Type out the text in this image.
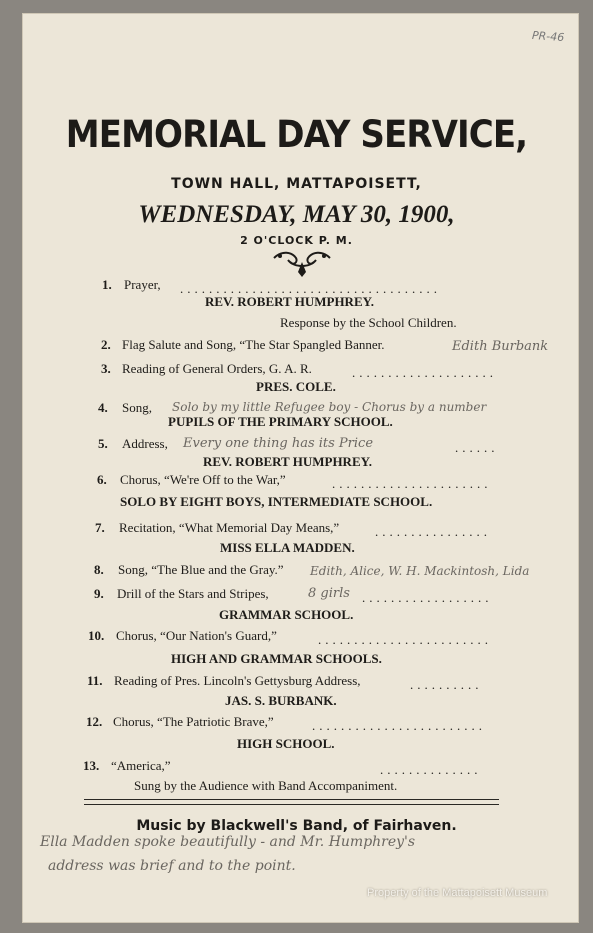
PR-46
MEMORIAL DAY SERVICE,
TOWN HALL, MATTAPOISETT,
WEDNESDAY, MAY 30, 1900,
2 O'CLOCK P. M.
1. Prayer, ....................................
REV. ROBERT HUMPHREY.
Response by the School Children.
2. Flag Salute and Song, “The Star Spangled Banner.	Edith Burbank
3. Reading of General Orders, G. A. R.	....................
PRES. COLE.
4. Song, Solo by my little Refugee boy - Chorus by a number
PUPILS OF THE PRIMARY SCHOOL.
5. Address, Every one thing has its Price	......
REV. ROBERT HUMPHREY.
6. Chorus, “We're Off to the War,”	......................
SOLO BY EIGHT BOYS, INTERMEDIATE SCHOOL.
7. Recitation, “What Memorial Day Means,”	................
MISS ELLA MADDEN.
8. Song, “The Blue and the Gray.” Edith, Alice, W. H. Mackintosh, Lida
9. Drill of the Stars and Stripes,	8 girls ..................
GRAMMAR SCHOOL.
10. Chorus, “Our Nation's Guard,”	........................
HIGH AND GRAMMAR SCHOOLS.
11. Reading of Pres. Lincoln's Gettysburg Address,	..........
JAS. S. BURBANK.
12. Chorus, “The Patriotic Brave,”	........................
HIGH SCHOOL.
13. “America,”	..............
Sung by the Audience with Band Accompaniment.
Music by Blackwell's Band, of Fairhaven.
Ella Madden spoke beautifully - and Mr. Humphrey's
address was brief and to the point.
Property of the Mattapoisett Museum
